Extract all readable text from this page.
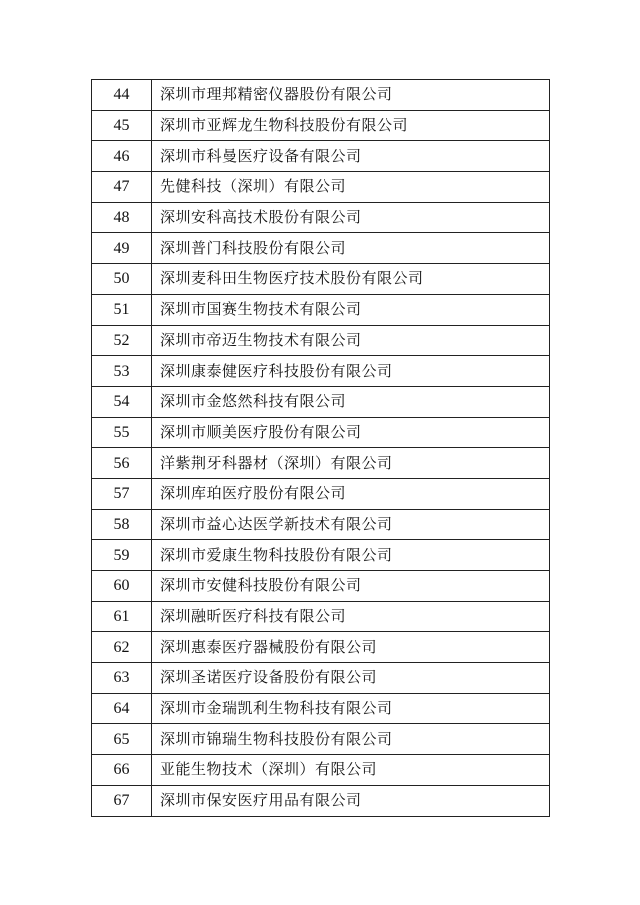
44	深圳市理邦精密仪器股份有限公司
45	深圳市亚辉龙生物科技股份有限公司
46	深圳市科曼医疗设备有限公司
47	先健科技（深圳）有限公司
48	深圳安科高技术股份有限公司
49	深圳普门科技股份有限公司
50	深圳麦科田生物医疗技术股份有限公司
51	深圳市国赛生物技术有限公司
52	深圳市帝迈生物技术有限公司
53	深圳康泰健医疗科技股份有限公司
54	深圳市金悠然科技有限公司
55	深圳市顺美医疗股份有限公司
56	洋紫荆牙科器材（深圳）有限公司
57	深圳库珀医疗股份有限公司
58	深圳市益心达医学新技术有限公司
59	深圳市爱康生物科技股份有限公司
60	深圳市安健科技股份有限公司
61	深圳融昕医疗科技有限公司
62	深圳惠泰医疗器械股份有限公司
63	深圳圣诺医疗设备股份有限公司
64	深圳市金瑞凯利生物科技有限公司
65	深圳市锦瑞生物科技股份有限公司
66	亚能生物技术（深圳）有限公司
67	深圳市保安医疗用品有限公司
